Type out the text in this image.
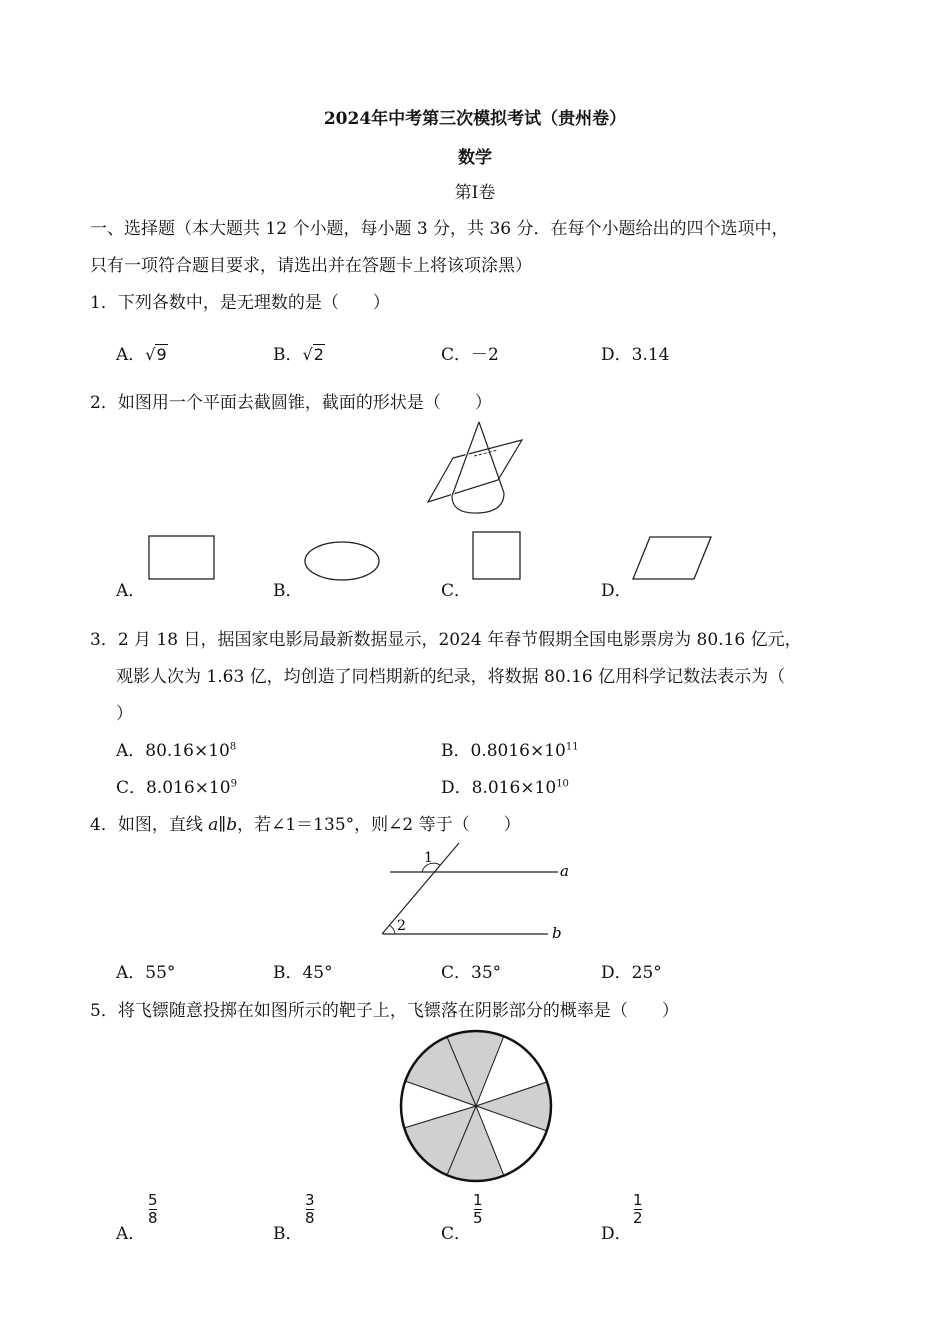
2024年中考第三次模拟考试（贵州卷）
数学
第Ⅰ卷
一、选择题（本大题共 12 个小题，每小题 3 分，共 36 分．在每个小题给出的四个选项中，
只有一项符合题目要求，请选出并在答题卡上将该项涂黑）
1．下列各数中，是无理数的是（　　）
A．√9	B．√2	C．－2	D．3.14
2．如图用一个平面去截圆锥，截面的形状是（　　）
A．	B．	C．	D．
3．2 月 18 日，据国家电影局最新数据显示，2024 年春节假期全国电影票房为 80.16 亿元，
观影人次为 1.63 亿，均创造了同档期新的纪录，将数据 80.16 亿用科学记数法表示为（
）
A．$80.16\times 10^8$	B．$0.8016\times 10^{11}$
C．$8.016\times 10^9$	D．$8.016\times 10^{10}$
4．如图，直线 a∥b，若∠1＝135°，则∠2 等于（　　）
1
2
a
b
A．55°	B．45°	C．35°	D．25°
5．将飞镖随意投掷在如图所示的靶子上，飞镖落在阴影部分的概率是（　　）
A．
5
8
B．
3
8
C．
1
5
D．
1
2
